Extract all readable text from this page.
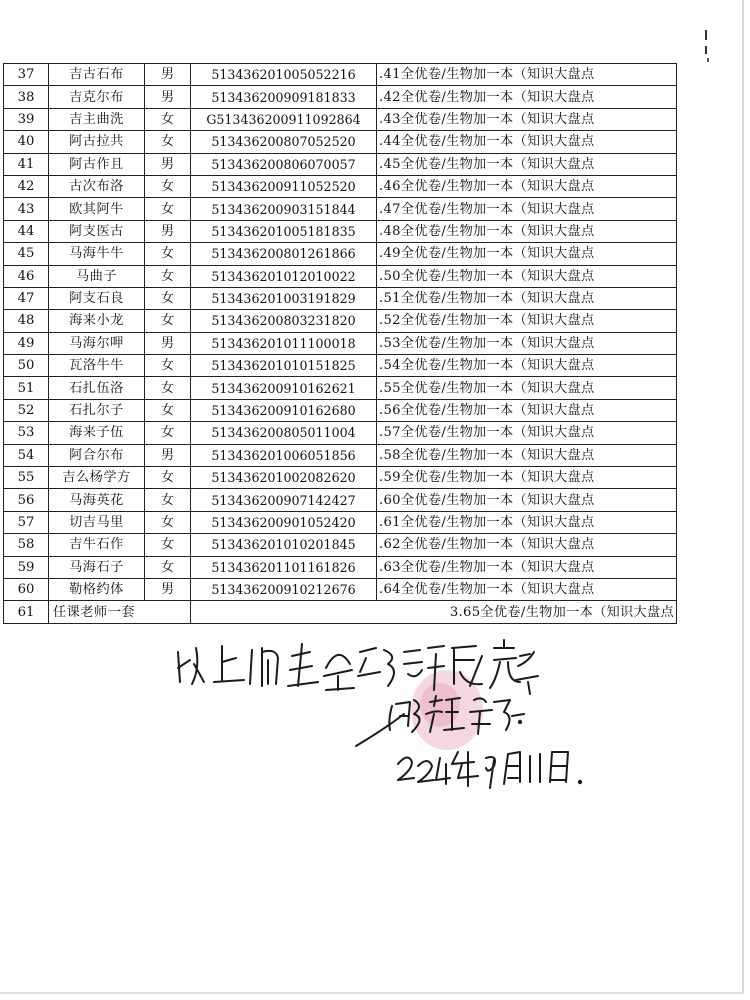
37	吉古石布	男	513436201005052216	.41全优卷/生物加一本（知识大盘点
38	吉克尔布	男	513436200909181833	.42全优卷/生物加一本（知识大盘点
39	吉主曲洗	女	G513436200911092864	.43全优卷/生物加一本（知识大盘点
40	阿古拉共	女	513436200807052520	.44全优卷/生物加一本（知识大盘点
41	阿古作且	男	513436200806070057	.45全优卷/生物加一本（知识大盘点
42	古次布洛	女	513436200911052520	.46全优卷/生物加一本（知识大盘点
43	欧其阿牛	女	513436200903151844	.47全优卷/生物加一本（知识大盘点
44	阿支医古	男	513436201005181835	.48全优卷/生物加一本（知识大盘点
45	马海牛牛	女	513436200801261866	.49全优卷/生物加一本（知识大盘点
46	马曲子	女	513436201012010022	.50全优卷/生物加一本（知识大盘点
47	阿支石良	女	513436201003191829	.51全优卷/生物加一本（知识大盘点
48	海来小龙	女	513436200803231820	.52全优卷/生物加一本（知识大盘点
49	马海尔呷	男	513436201011100018	.53全优卷/生物加一本（知识大盘点
50	瓦洛牛牛	女	513436201010151825	.54全优卷/生物加一本（知识大盘点
51	石扎伍洛	女	513436200910162621	.55全优卷/生物加一本（知识大盘点
52	石扎尔子	女	513436200910162680	.56全优卷/生物加一本（知识大盘点
53	海来子伍	女	513436200805011004	.57全优卷/生物加一本（知识大盘点
54	阿合尔布	男	513436201006051856	.58全优卷/生物加一本（知识大盘点
55	吉么杨学方	女	513436201002082620	.59全优卷/生物加一本（知识大盘点
56	马海英花	女	513436200907142427	.60全优卷/生物加一本（知识大盘点
57	切吉马里	女	513436200901052420	.61全优卷/生物加一本（知识大盘点
58	吉牛石作	女	513436201010201845	.62全优卷/生物加一本（知识大盘点
59	马海石子	女	513436201101161826	.63全优卷/生物加一本（知识大盘点
60	勒格约体	男	513436200910212676	.64全优卷/生物加一本（知识大盘点
61	任课老师一套		3.65全优卷/生物加一本（知识大盘点	
